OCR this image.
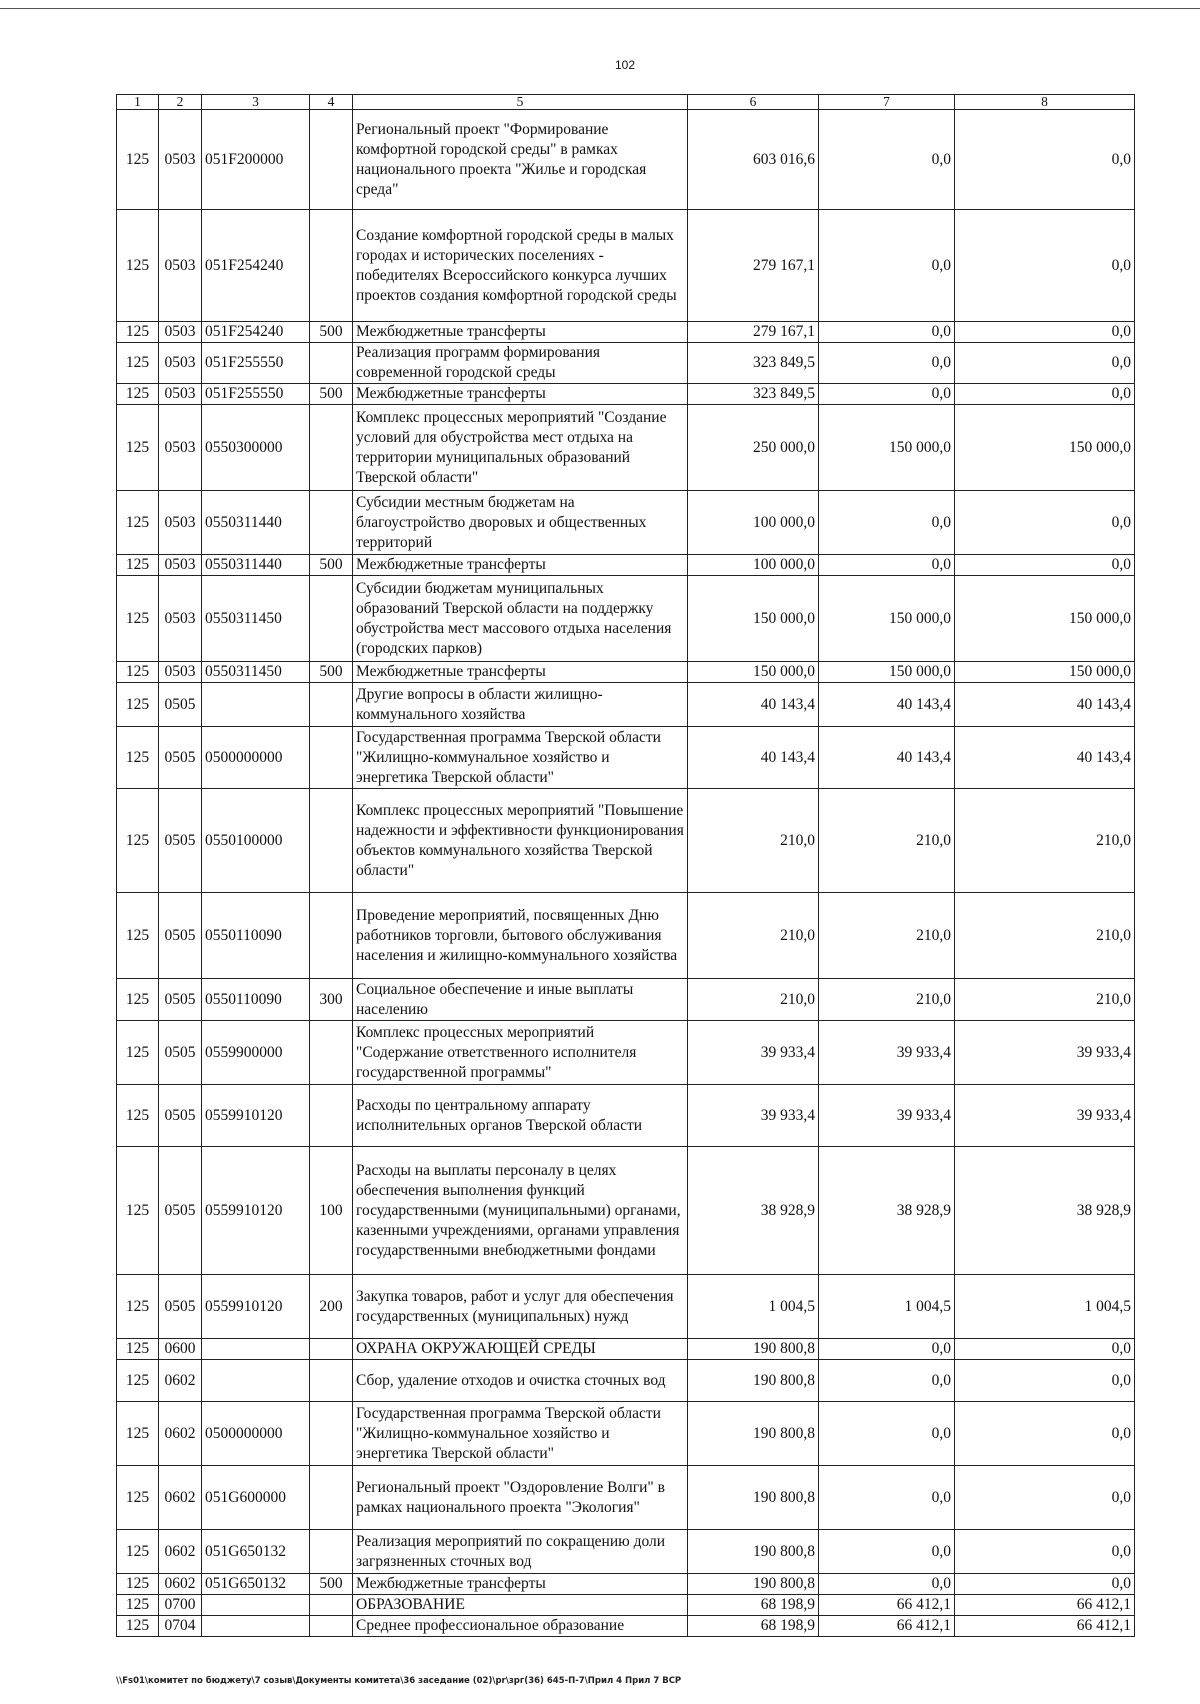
102
1	2	3	4	5	6	7	8
125	0503	051F200000		Региональный проект "Формирование комфортной городской среды" в рамках национального проекта "Жилье и городская среда"	603 016,6	0,0	0,0
125	0503	051F254240		Создание комфортной городской среды в малых городах и исторических поселениях - победителях Всероссийского конкурса лучших проектов создания комфортной городской среды	279 167,1	0,0	0,0
125	0503	051F254240	500	Межбюджетные трансферты	279 167,1	0,0	0,0
125	0503	051F255550		Реализация программ формирования современной городской среды	323 849,5	0,0	0,0
125	0503	051F255550	500	Межбюджетные трансферты	323 849,5	0,0	0,0
125	0503	0550300000		Комплекс процессных мероприятий "Создание условий для обустройства мест отдыха на территории муниципальных образований Тверской области"	250 000,0	150 000,0	150 000,0
125	0503	0550311440		Субсидии местным бюджетам на благоустройство дворовых и общественных территорий	100 000,0	0,0	0,0
125	0503	0550311440	500	Межбюджетные трансферты	100 000,0	0,0	0,0
125	0503	0550311450		Субсидии бюджетам муниципальных образований Тверской области на поддержку обустройства мест массового отдыха населения (городских парков)	150 000,0	150 000,0	150 000,0
125	0503	0550311450	500	Межбюджетные трансферты	150 000,0	150 000,0	150 000,0
125	0505			Другие вопросы в области жилищно-коммунального хозяйства	40 143,4	40 143,4	40 143,4
125	0505	0500000000		Государственная программа Тверской области "Жилищно-коммунальное хозяйство и энергетика Тверской области"	40 143,4	40 143,4	40 143,4
125	0505	0550100000		Комплекс процессных мероприятий "Повышение надежности и эффективности функционирования объектов коммунального хозяйства Тверской области"	210,0	210,0	210,0
125	0505	0550110090		Проведение мероприятий, посвященных Дню работников торговли, бытового обслуживания населения и жилищно-коммунального хозяйства	210,0	210,0	210,0
125	0505	0550110090	300	Социальное обеспечение и иные выплаты населению	210,0	210,0	210,0
125	0505	0559900000		Комплекс процессных мероприятий "Содержание ответственного исполнителя государственной программы"	39 933,4	39 933,4	39 933,4
125	0505	0559910120		Расходы по центральному аппарату исполнительных органов Тверской области	39 933,4	39 933,4	39 933,4
125	0505	0559910120	100	Расходы на выплаты персоналу в целях обеспечения выполнения функций государственными (муниципальными) органами, казенными учреждениями, органами управления государственными внебюджетными фондами	38 928,9	38 928,9	38 928,9
125	0505	0559910120	200	Закупка товаров, работ и услуг для обеспечения государственных (муниципальных) нужд	1 004,5	1 004,5	1 004,5
125	0600			ОХРАНА ОКРУЖАЮЩЕЙ СРЕДЫ	190 800,8	0,0	0,0
125	0602			Сбор, удаление отходов и очистка сточных вод	190 800,8	0,0	0,0
125	0602	0500000000		Государственная программа Тверской области "Жилищно-коммунальное хозяйство и энергетика Тверской области"	190 800,8	0,0	0,0
125	0602	051G600000		Региональный проект "Оздоровление Волги" в рамках национального проекта "Экология"	190 800,8	0,0	0,0
125	0602	051G650132		Реализация мероприятий по сокращению доли загрязненных сточных вод	190 800,8	0,0	0,0
125	0602	051G650132	500	Межбюджетные трансферты	190 800,8	0,0	0,0
125	0700			ОБРАЗОВАНИЕ	68 198,9	66 412,1	66 412,1
125	0704			Среднее профессиональное образование	68 198,9	66 412,1	66 412,1
\\Fs01\комитет по бюджету\7 созыв\Документы комитета\36 заседание (02)\pr\зрг(36) 645-П-7\Прил 4 Прил 7 ВСР
